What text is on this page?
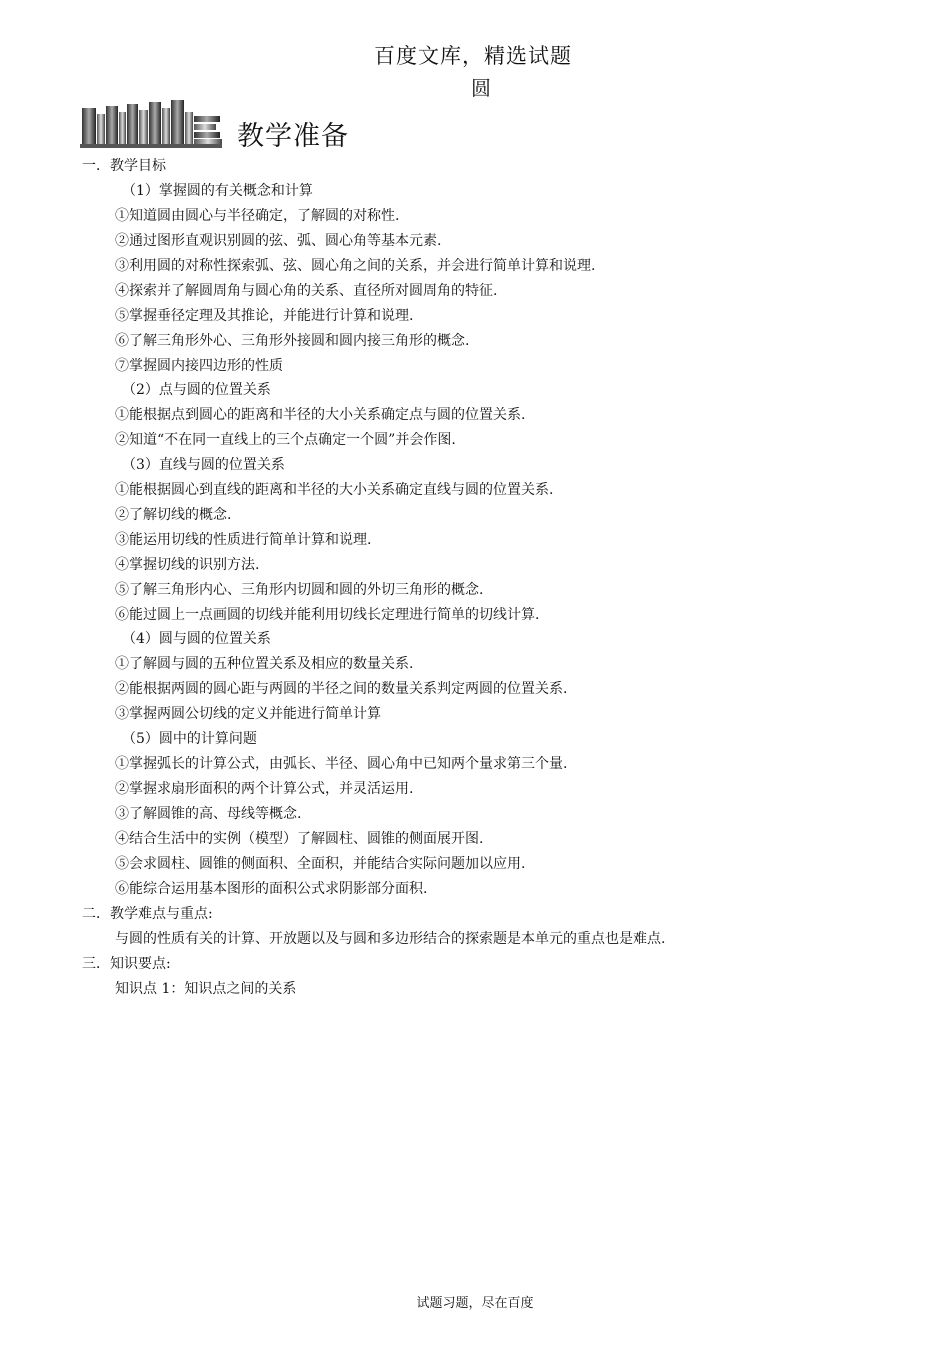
百度文库，精选试题
圆
教学准备
一．教学目标
（1）掌握圆的有关概念和计算
①知道圆由圆心与半径确定，了解圆的对称性.
②通过图形直观识别圆的弦、弧、圆心角等基本元素.
③利用圆的对称性探索弧、弦、圆心角之间的关系，并会进行简单计算和说理.
④探索并了解圆周角与圆心角的关系、直径所对圆周角的特征.
⑤掌握垂径定理及其推论，并能进行计算和说理.
⑥了解三角形外心、三角形外接圆和圆内接三角形的概念.
⑦掌握圆内接四边形的性质
（2）点与圆的位置关系
①能根据点到圆心的距离和半径的大小关系确定点与圆的位置关系.
②知道“不在同一直线上的三个点确定一个圆”并会作图.
（3）直线与圆的位置关系
①能根据圆心到直线的距离和半径的大小关系确定直线与圆的位置关系.
②了解切线的概念.
③能运用切线的性质进行简单计算和说理.
④掌握切线的识别方法.
⑤了解三角形内心、三角形内切圆和圆的外切三角形的概念.
⑥能过圆上一点画圆的切线并能利用切线长定理进行简单的切线计算.
（4）圆与圆的位置关系
①了解圆与圆的五种位置关系及相应的数量关系.
②能根据两圆的圆心距与两圆的半径之间的数量关系判定两圆的位置关系.
③掌握两圆公切线的定义并能进行简单计算
（5）圆中的计算问题
①掌握弧长的计算公式，由弧长、半径、圆心角中已知两个量求第三个量.
②掌握求扇形面积的两个计算公式，并灵活运用.
③了解圆锥的高、母线等概念.
④结合生活中的实例（模型）了解圆柱、圆锥的侧面展开图.
⑤会求圆柱、圆锥的侧面积、全面积，并能结合实际问题加以应用.
⑥能综合运用基本图形的面积公式求阴影部分面积.
二．教学难点与重点:
与圆的性质有关的计算、开放题以及与圆和多边形结合的探索题是本单元的重点也是难点.
三．知识要点:
知识点 1：知识点之间的关系
试题习题，尽在百度
